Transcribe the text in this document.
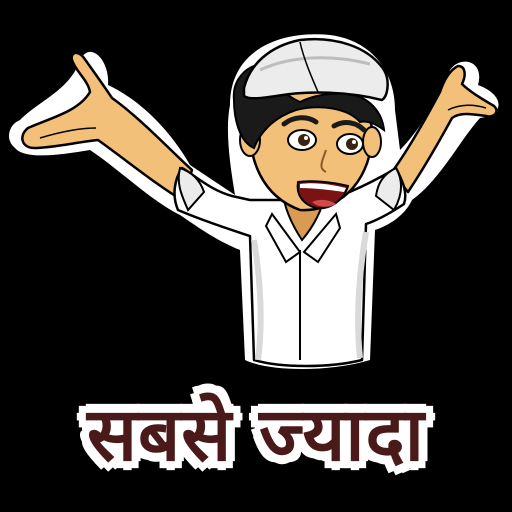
सबसे ज्यादा
